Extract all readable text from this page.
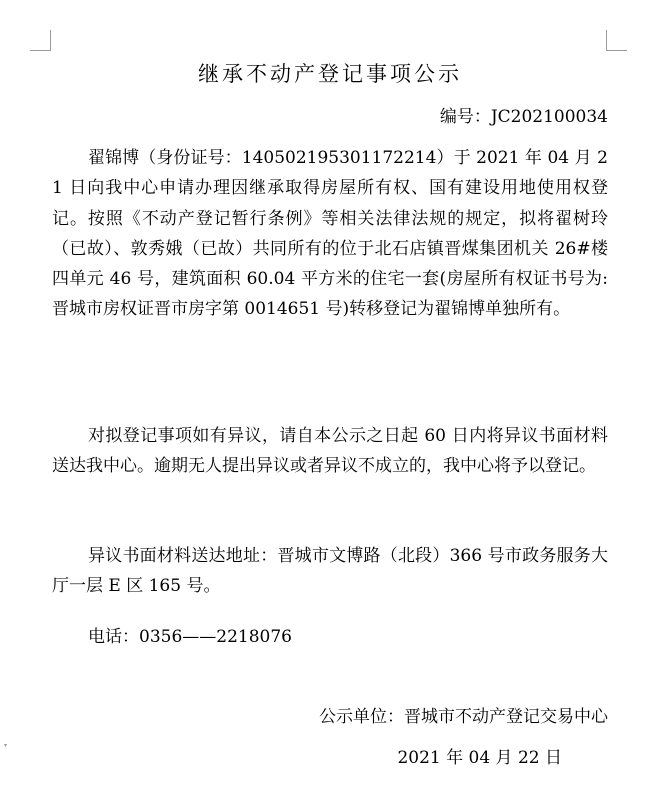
▾
继承不动产登记事项公示
编号：JC202100034

翟锦博（身份证号：140502195301172214）于 2021 年 04 月 21 日向我中心申请办理因继承取得房屋所有权、国有建设用地使用权登记。按照《不动产登记暂行条例》等相关法律法规的规定，拟将翟树玲（已故）、敦秀娥（已故）共同所有的位于北石店镇晋煤集团机关 26#楼四单元 46 号，建筑面积 60.04 平方米的住宅一套(房屋所有权证书号为:晋城市房权证晋市房字第 0014651 号)转移登记为翟锦博单独所有。

对拟登记事项如有异议，请自本公示之日起 60 日内将异议书面材料送达我中心。逾期无人提出异议或者异议不成立的，我中心将予以登记。

异议书面材料送达地址：晋城市文博路（北段）366 号市政务服务大厅一层 E 区 165 号。

电话：0356——2218076

公示单位：晋城市不动产登记交易中心
2021 年 04 月 22 日
